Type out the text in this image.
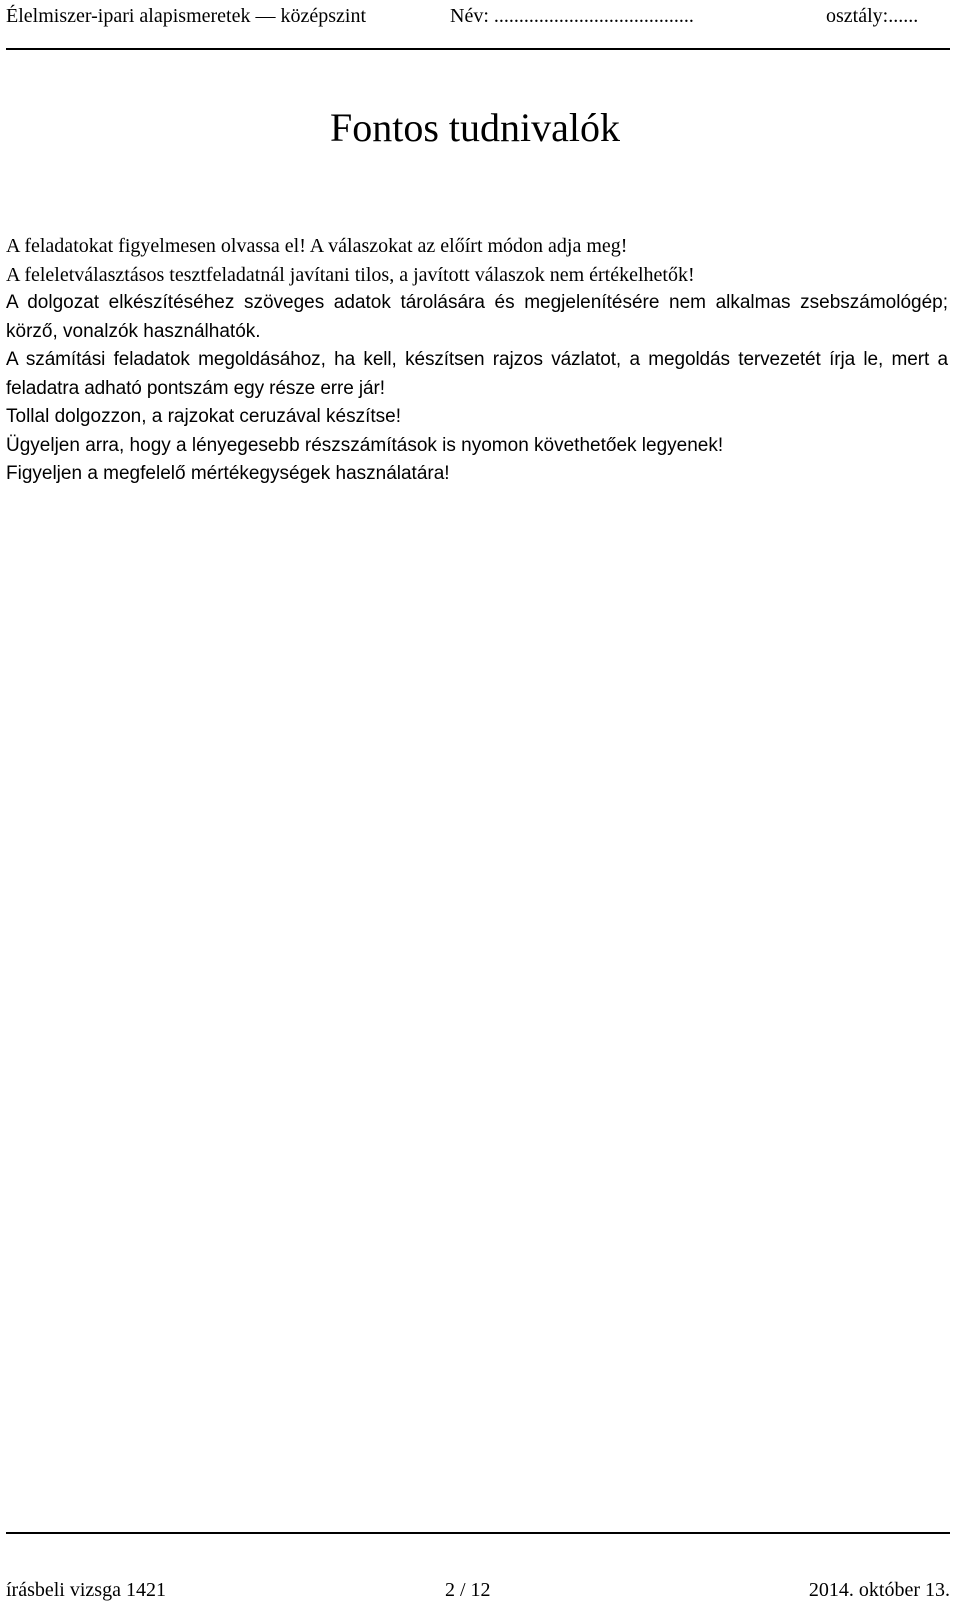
Élelmiszer-ipari alapismeretek — középszint	Név: ........................................	osztály:......
Fontos tudnivalók

A feladatokat figyelmesen olvassa el! A válaszokat az előírt módon adja meg!

A feleletválasztásos tesztfeladatnál javítani tilos, a javított válaszok nem értékelhetők!

A dolgozat elkészítéséhez szöveges adatok tárolására és megjelenítésére nem alkalmas zsebszámológép; körző, vonalzók használhatók.

A számítási feladatok megoldásához, ha kell, készítsen rajzos vázlatot, a megoldás tervezetét írja le, mert a feladatra adható pontszám egy része erre jár!

Tollal dolgozzon, a rajzokat ceruzával készítse!

Ügyeljen arra, hogy a lényegesebb részszámítások is nyomon követhetőek legyenek!

Figyeljen a megfelelő mértékegységek használatára!

írásbeli vizsga 1421	2 / 12	2014. október 13.
